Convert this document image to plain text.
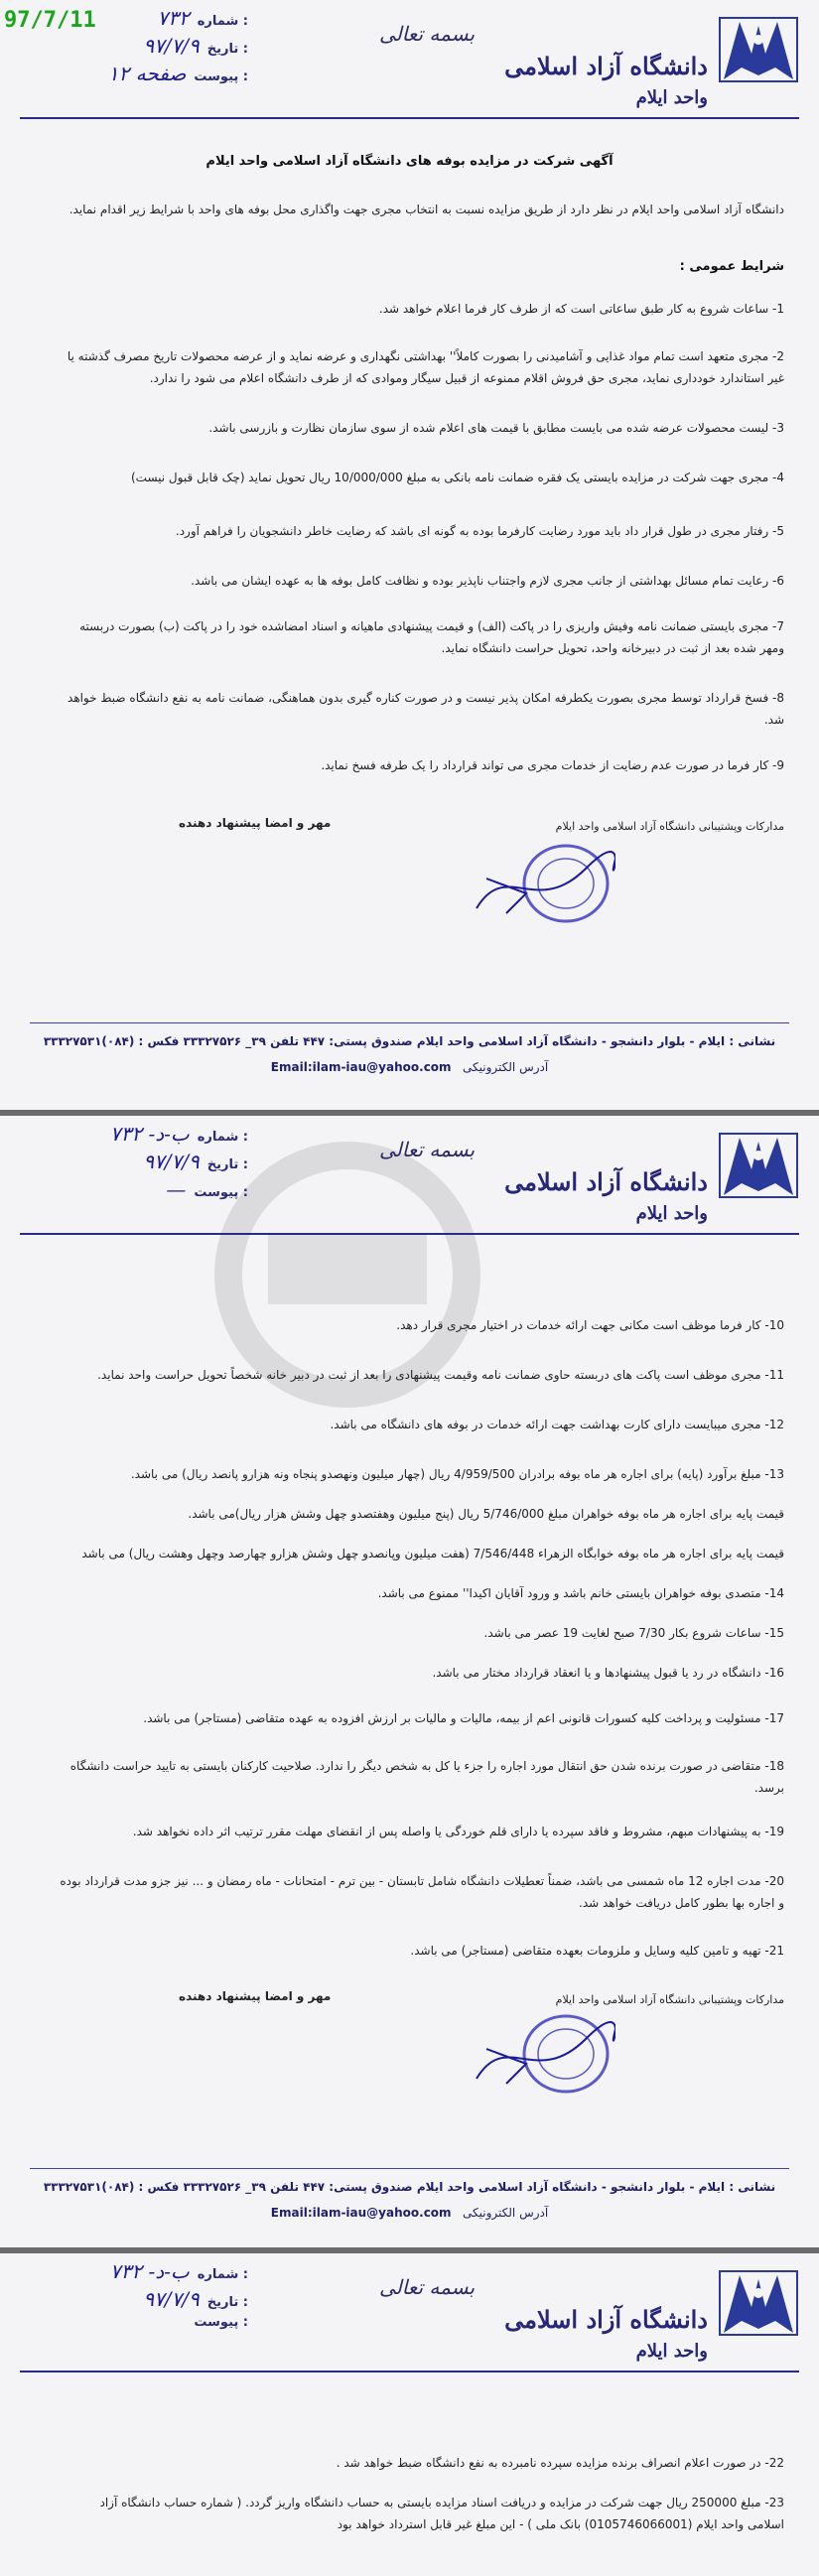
97/7/11	۷۳۲ شماره :
۹۷/۷/۹ تاریخ :
۱۲ صفحه پیوست :
بسمه تعالی
دانشگاه آزاد اسلامی
واحد ایلام
آگهی شرکت در مزایده بوفه های دانشگاه آزاد اسلامی واحد ایلام
دانشگاه آزاد اسلامی واحد ایلام در نظر دارد از طریق مزایده نسبت به انتخاب مجری جهت واگذاری محل بوفه های واحد با شرایط زیر اقدام نماید.
شرایط عمومی :
1- ساعات شروع به کار طبق ساعاتی است که از طرف کار فرما اعلام خواهد شد.
2- مجری متعهد است تمام مواد غذایی و آشامیدنی را بصورت کاملاً'' بهداشتی نگهداری و عرضه نماید و از عرضه محصولات تاریخ مصرف گذشته یا غیر استاندارد خودداری نماید، مجری حق فروش اقلام ممنوعه از قبیل سیگار وموادی که از طرف دانشگاه اعلام می شود را ندارد.
3- لیست محصولات عرضه شده می بایست مطابق با قیمت های اعلام شده از سوی سازمان نظارت و بازرسی باشد.
4- مجری جهت شرکت در مزایده بایستی یک فقره ضمانت نامه بانکی به مبلغ 10/000/000 ریال تحویل نماید (چک قابل قبول نیست)
5- رفتار مجری در طول قرار داد باید مورد رضایت کارفرما بوده به گونه ای باشد که رضایت خاطر دانشجویان را فراهم آورد.
6- رعایت تمام مسائل بهداشتی از جانب مجری لازم واجتناب ناپذیر بوده و نظافت کامل بوفه ها به عهده ایشان می باشد.
7- مجری بایستی ضمانت نامه وفیش واریزی را در پاکت (الف) و قیمت پیشنهادی ماهیانه و اسناد امضاشده خود را در پاکت (ب) بصورت دربسته ومهر شده بعد از ثبت در دبیرخانه واحد، تحویل حراست دانشگاه نماید.
8- فسخ قرارداد توسط مجری بصورت یکطرفه امکان پذیر نیست و در صورت کناره گیری بدون هماهنگی، ضمانت نامه به نفع دانشگاه ضبط خواهد شد.
9- کار فرما در صورت عدم رضایت از خدمات مجری می تواند قرارداد را یک طرفه فسخ نماید.
مدارکات وپشتیبانی دانشگاه آزاد اسلامی واحد ایلام
مهر و امضا پیشنهاد دهنده
نشانی : ایلام - بلوار دانشجو - دانشگاه آزاد اسلامی واحد ایلام صندوق پستی: ۴۴۷ تلفن ۳۹_ ۳۳۳۲۷۵۲۶ فکس : (۰۸۴)۳۳۳۲۷۵۳۱
آدرس الکترونیکی   Email:ilam-iau@yahoo.com
۷۳۲ -ب-د شماره :
۹۷/۷/۹ تاریخ :
— پیوست :
بسمه تعالی
دانشگاه آزاد اسلامی
واحد ایلام
10- کار فرما موظف است مکانی جهت ارائه خدمات در اختیار مجری قرار دهد.
11- مجری موظف است پاکت های دربسته حاوی ضمانت نامه وقیمت پیشنهادی را بعد از ثبت در دبیر خانه شخصاً تحویل حراست واحد نماید.
12- مجری میبایست دارای کارت بهداشت جهت ارائه خدمات در بوفه های دانشگاه می باشد.
13- مبلغ برآورد (پایه) برای اجاره هر ماه بوفه برادران 4/959/500 ریال (چهار میلیون ونهصدو پنجاه ونه هزارو پانصد ریال) می باشد.
قیمت پایه برای اجاره هر ماه بوفه خواهران مبلغ 5/746/000 ریال (پنج میلیون وهفتصدو چهل وشش هزار ریال)می باشد.
قیمت پایه برای اجاره هر ماه بوفه خوابگاه الزهراء 7/546/448 (هفت میلیون وپانصدو چهل وشش هزارو چهارصد وچهل وهشت ریال) می باشد
14- متصدی بوفه خواهران بایستی خانم باشد و ورود آقایان اکیدا'' ممنوع می باشد.
15- ساعات شروع بکار 7/30 صبح لغایت 19 عصر می باشد.
16- دانشگاه در رد یا قبول پیشنهادها و یا انعقاد قرارداد مختار می باشد.
17- مسئولیت و پرداخت کلیه کسورات قانونی اعم از بیمه، مالیات و مالیات بر ارزش افزوده به عهده متقاضی (مستاجر) می باشد.
18- متقاضی در صورت برنده شدن حق انتقال مورد اجاره را جزء یا کل به شخص دیگر را ندارد. صلاحیت کارکنان بایستی به تایید حراست دانشگاه برسد.
19- به پیشنهادات مبهم، مشروط و فاقد سپرده یا دارای قلم خوردگی یا واصله پس از انقضای مهلت مقرر ترتیب اثر داده نخواهد شد.
20- مدت اجاره 12 ماه شمسی می باشد، ضمناً تعطیلات دانشگاه شامل تابستان - بین ترم - امتحانات - ماه رمضان و ... نیز جزو مدت قرارداد بوده و اجاره بها بطور کامل دریافت خواهد شد.
21- تهیه و تامین کلیه وسایل و ملزومات بعهده متقاضی (مستاجر) می باشد.
مدارکات وپشتیبانی دانشگاه آزاد اسلامی واحد ایلام
مهر و امضا پیشنهاد دهنده
نشانی : ایلام - بلوار دانشجو - دانشگاه آزاد اسلامی واحد ایلام صندوق پستی: ۴۴۷ تلفن ۳۹_ ۳۳۳۲۷۵۲۶ فکس : (۰۸۴)۳۳۳۲۷۵۳۱
آدرس الکترونیکی   Email:ilam-iau@yahoo.com
۷۳۲ -ب-د شماره :
۹۷/۷/۹ تاریخ :
پیوست :
بسمه تعالی
دانشگاه آزاد اسلامی
واحد ایلام
22- در صورت اعلام انصراف برنده مزایده سپرده نامبرده به نفع دانشگاه ضبط خواهد شد .
23- مبلغ 250000 ریال جهت شرکت در مزایده و دریافت اسناد مزایده بایستی به حساب دانشگاه واریز گردد. ( شماره حساب دانشگاه آزاد اسلامی واحد ایلام (0105746066001) بانک ملی ) - این مبلغ غیر قابل استرداد خواهد بود
